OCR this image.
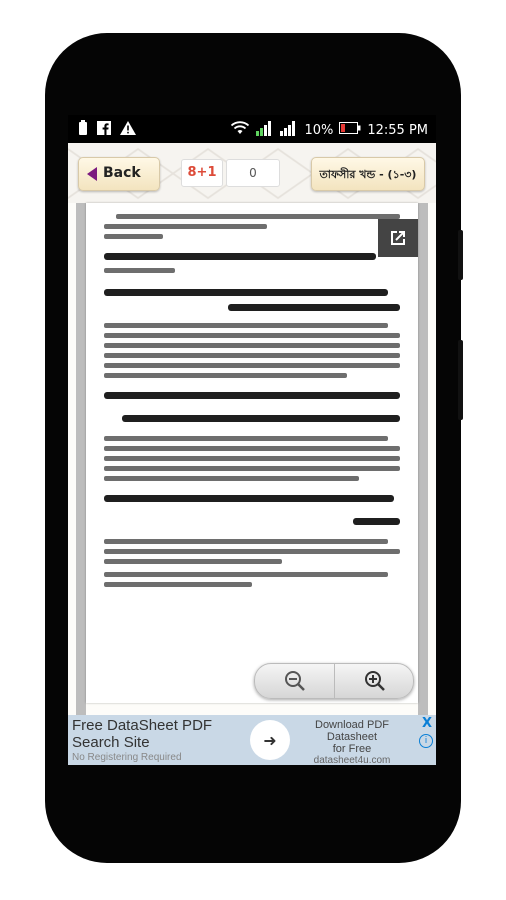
10%	12:55 PM
Back	8+1	0	তাফসীর খন্ড - (১-৩)
Free DataSheet PDF
Search Site
No Registering Required
➜
Download PDF Datasheet
for Free
datasheet4u.com
X
i
